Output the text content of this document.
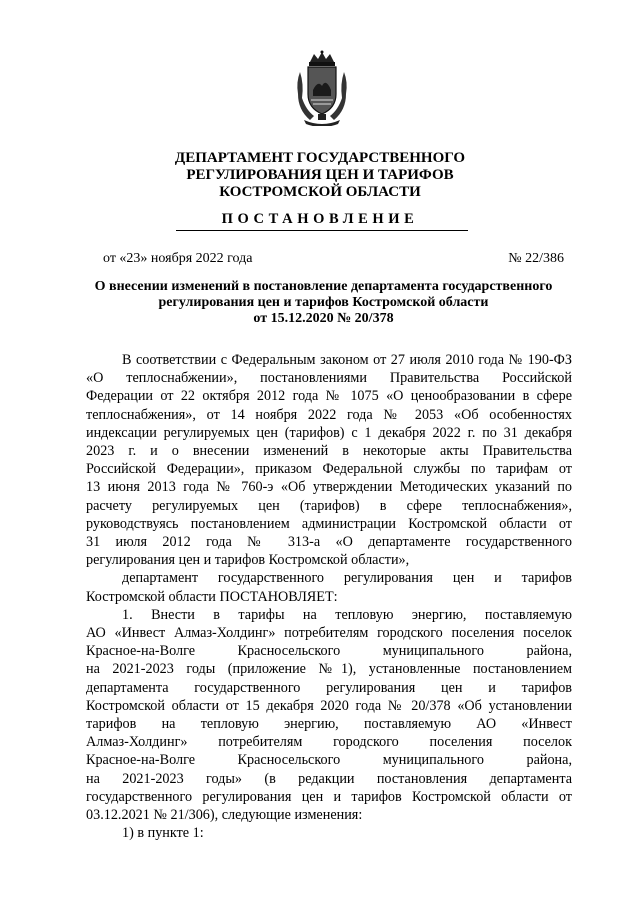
ДЕПАРТАМЕНТ ГОСУДАРСТВЕННОГО
РЕГУЛИРОВАНИЯ ЦЕН И ТАРИФОВ
КОСТРОМСКОЙ ОБЛАСТИ
ПОСТАНОВЛЕНИЕ
от «23» ноября 2022 года	№ 22/386
О внесении изменений в постановление департамента государственного
регулирования цен и тарифов Костромской области
от 15.12.2020 № 20/378
В соответствии с Федеральным законом от 27 июля 2010 года № 190-ФЗ
«О теплоснабжении», постановлениями Правительства Российской
Федерации от 22 октября 2012 года № 1075 «О ценообразовании в сфере
теплоснабжения», от 14 ноября 2022 года № 2053 «Об особенностях
индексации регулируемых цен (тарифов) с 1 декабря 2022 г. по 31 декабря
2023 г. и о внесении изменений в некоторые акты Правительства
Российской Федерации», приказом Федеральной службы по тарифам от
13 июня 2013 года № 760-э «Об утверждении Методических указаний по
расчету регулируемых цен (тарифов) в сфере теплоснабжения»,
руководствуясь постановлением администрации Костромской области от
31 июля 2012 года № 313-а «О департаменте государственного
регулирования цен и тарифов Костромской области»,
департамент государственного регулирования цен и тарифов
Костромской области ПОСТАНОВЛЯЕТ:
1. Внести в тарифы на тепловую энергию, поставляемую
АО «Инвест Алмаз-Холдинг» потребителям городского поселения поселок
Красное-на-Волге Красносельского муниципального района,
на 2021-2023 годы (приложение №1), установленные постановлением
департамента государственного регулирования цен и тарифов
Костромской области от 15 декабря 2020 года № 20/378 «Об установлении
тарифов на тепловую энергию, поставляемую АО «Инвест
Алмаз-Холдинг» потребителям городского поселения поселок
Красное-на-Волге Красносельского муниципального района,
на 2021-2023 годы» (в редакции постановления департамента
государственного регулирования цен и тарифов Костромской области от
03.12.2021 № 21/306), следующие изменения:
1) в пункте 1:
